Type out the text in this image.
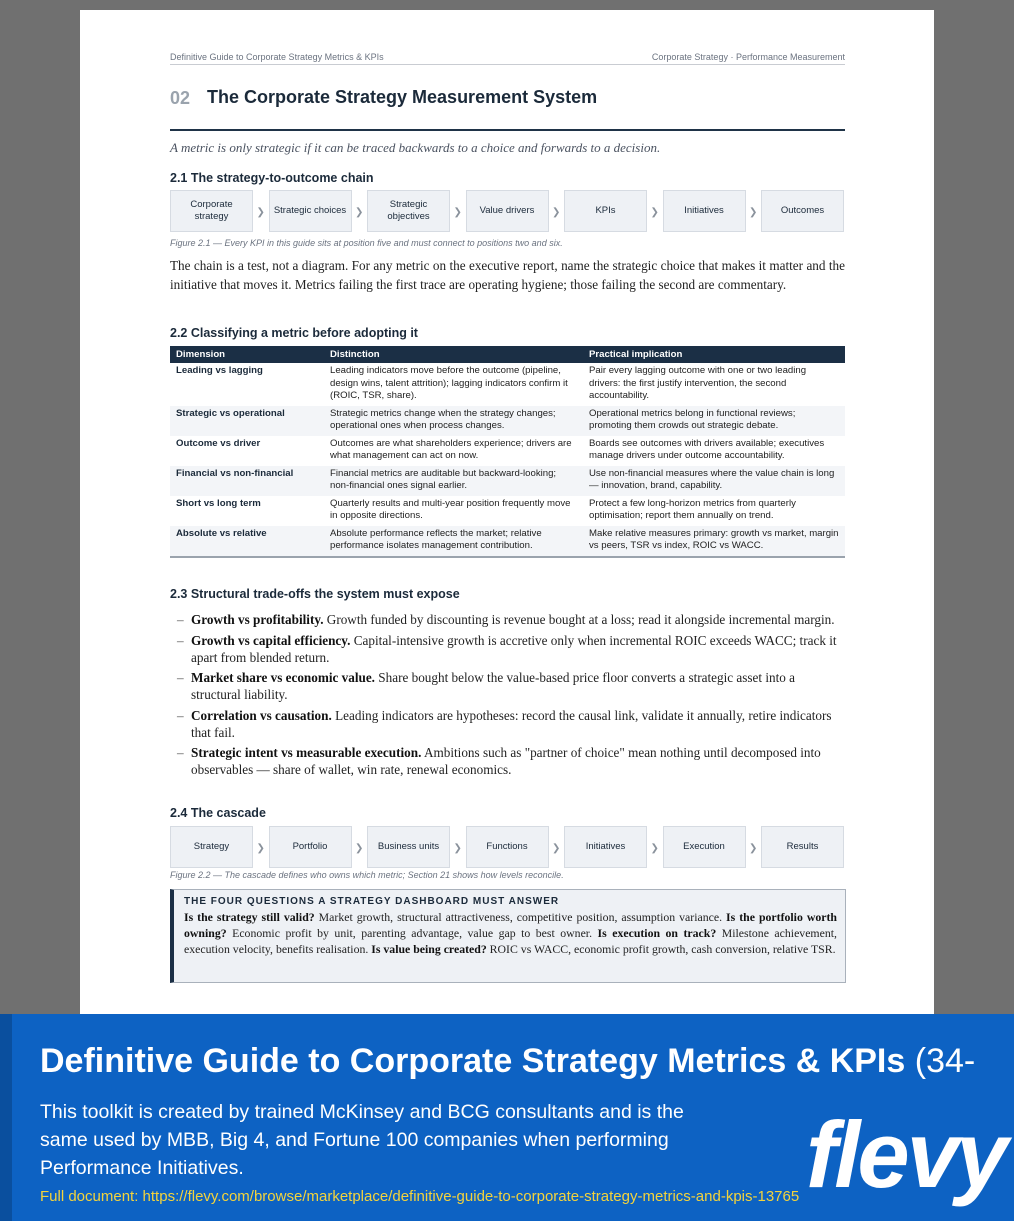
Definitive Guide to Corporate Strategy Metrics & KPIs	Corporate Strategy · Performance Measurement
02 The Corporate Strategy Measurement System
A metric is only strategic if it can be traced backwards to a choice and forwards to a decision.
2.1 The strategy-to-outcome chain
Corporate strategy	❯ Strategic choices ❯
Strategic objectives	❯	Value drivers	❯	KPIs	❯	Initiatives	❯	Outcomes
Figure 2.1 — Every KPI in this guide sits at position five and must connect to positions two and six.
The chain is a test, not a diagram. For any metric on the executive report, name the strategic choice that makes it matter and the initiative that moves it. Metrics failing the first trace are operating hygiene; those failing the second are commentary.
2.2 Classifying a metric before adopting it
Dimension	Distinction	Practical implication
Leading vs lagging	Leading indicators move before the outcome (pipeline, design wins, talent attrition); lagging indicators confirm it (ROIC, TSR, share).	Pair every lagging outcome with one or two leading drivers: the first justify intervention, the second accountability.
Strategic vs operational	Strategic metrics change when the strategy changes; operational ones when process changes.	Operational metrics belong in functional reviews; promoting them crowds out strategic debate.
Outcome vs driver	Outcomes are what shareholders experience; drivers are what management can act on now.	Boards see outcomes with drivers available; executives manage drivers under outcome accountability.
Financial vs non-financial	Financial metrics are auditable but backward-looking; non-financial ones signal earlier.	Use non-financial measures where the value chain is long — innovation, brand, capability.
Short vs long term	Quarterly results and multi-year position frequently move in opposite directions.	Protect a few long-horizon metrics from quarterly optimisation; report them annually on trend.
Absolute vs relative	Absolute performance reflects the market; relative performance isolates management contribution.	Make relative measures primary: growth vs market, margin vs peers, TSR vs index, ROIC vs WACC.
2.3 Structural trade-offs the system must expose
– Growth vs profitability. Growth funded by discounting is revenue bought at a loss; read it alongside incremental margin.
– Growth vs capital efficiency. Capital-intensive growth is accretive only when incremental ROIC exceeds WACC; track it apart from blended return.
– Market share vs economic value. Share bought below the value-based price floor converts a strategic asset into a structural liability.
– Correlation vs causation. Leading indicators are hypotheses: record the causal link, validate it annually, retire indicators that fail.
– Strategic intent vs measurable execution. Ambitions such as "partner of choice" mean nothing until decomposed into observables — share of wallet, win rate, renewal economics.
2.4 The cascade
Strategy	❯	Portfolio	❯	Business units	❯	Functions	❯	Initiatives	❯	Execution	❯	Results
Figure 2.2 — The cascade defines who owns which metric; Section 21 shows how levels reconcile.
THE FOUR QUESTIONS A STRATEGY DASHBOARD MUST ANSWER
Is the strategy still valid? Market growth, structural attractiveness, competitive position, assumption variance. Is the portfolio worth owning? Economic profit by unit, parenting advantage, value gap to best owner. Is execution on track? Milestone achievement, execution velocity, benefits realisation. Is value being created? ROIC vs WACC, economic profit growth, cash conversion, relative TSR.
Definitive Guide to Corporate Strategy Metrics & KPIs (34-
This toolkit is created by trained McKinsey and BCG consultants and is the same used by MBB, Big 4, and Fortune 100 companies when performing Performance Initiatives.
Full document: https://flevy.com/browse/marketplace/definitive-guide-to-corporate-strategy-metrics-and-kpis-13765 flevy
